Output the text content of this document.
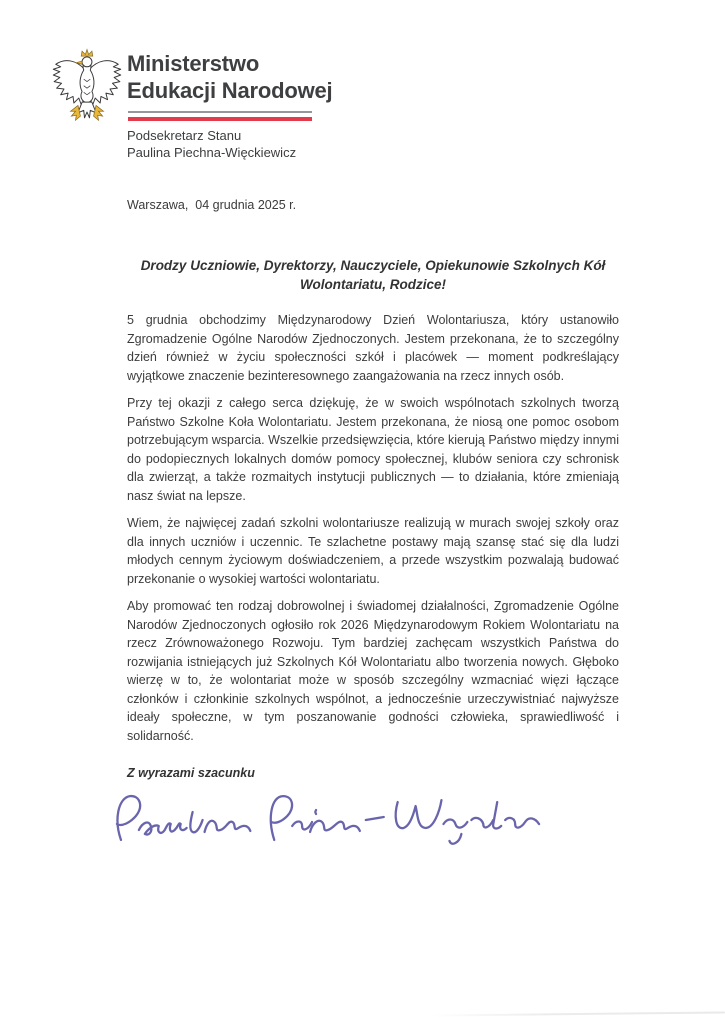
Ministerstwo
Edukacji Narodowej
Podsekretarz Stanu
Paulina Piechna-Więckiewicz
Warszawa,  04 grudnia 2025 r.
Drodzy Uczniowie, Dyrektorzy, Nauczyciele, Opiekunowie Szkolnych Kół Wolontariatu, Rodzice!

5 grudnia obchodzimy Międzynarodowy Dzień Wolontariusza, który ustanowiło Zgromadzenie Ogólne Narodów Zjednoczonych. Jestem przekonana, że to szczególny dzień również w życiu społeczności szkół i placówek — moment podkreślający wyjątkowe znaczenie bezinteresownego zaangażowania na rzecz innych osób.

Przy tej okazji z całego serca dziękuję, że w swoich wspólnotach szkolnych tworzą Państwo Szkolne Koła Wolontariatu. Jestem przekonana, że niosą one pomoc osobom potrzebującym wsparcia. Wszelkie przedsięwzięcia, które kierują Państwo między innymi do podopiecznych lokalnych domów pomocy społecznej, klubów seniora czy schronisk dla zwierząt, a także rozmaitych instytucji publicznych — to działania, które zmieniają nasz świat na lepsze.

Wiem, że najwięcej zadań szkolni wolontariusze realizują w murach swojej szkoły oraz dla innych uczniów i uczennic. Te szlachetne postawy mają szansę stać się dla ludzi młodych cennym życiowym doświadczeniem, a przede wszystkim pozwalają budować przekonanie o wysokiej wartości wolontariatu.

Aby promować ten rodzaj dobrowolnej i świadomej działalności, Zgromadzenie Ogólne Narodów Zjednoczonych ogłosiło rok 2026 Międzynarodowym Rokiem Wolontariatu na rzecz Zrównoważonego Rozwoju. Tym bardziej zachęcam wszystkich Państwa do rozwijania istniejących już Szkolnych Kół Wolontariatu albo tworzenia nowych. Głęboko wierzę w to, że wolontariat może w sposób szczególny wzmacniać więzi łączące członków i członkinie szkolnych wspólnot, a jednocześnie urzeczywistniać najwyższe ideały społeczne, w tym poszanowanie godności człowieka, sprawiedliwość i solidarność.

Z wyrazami szacunku
